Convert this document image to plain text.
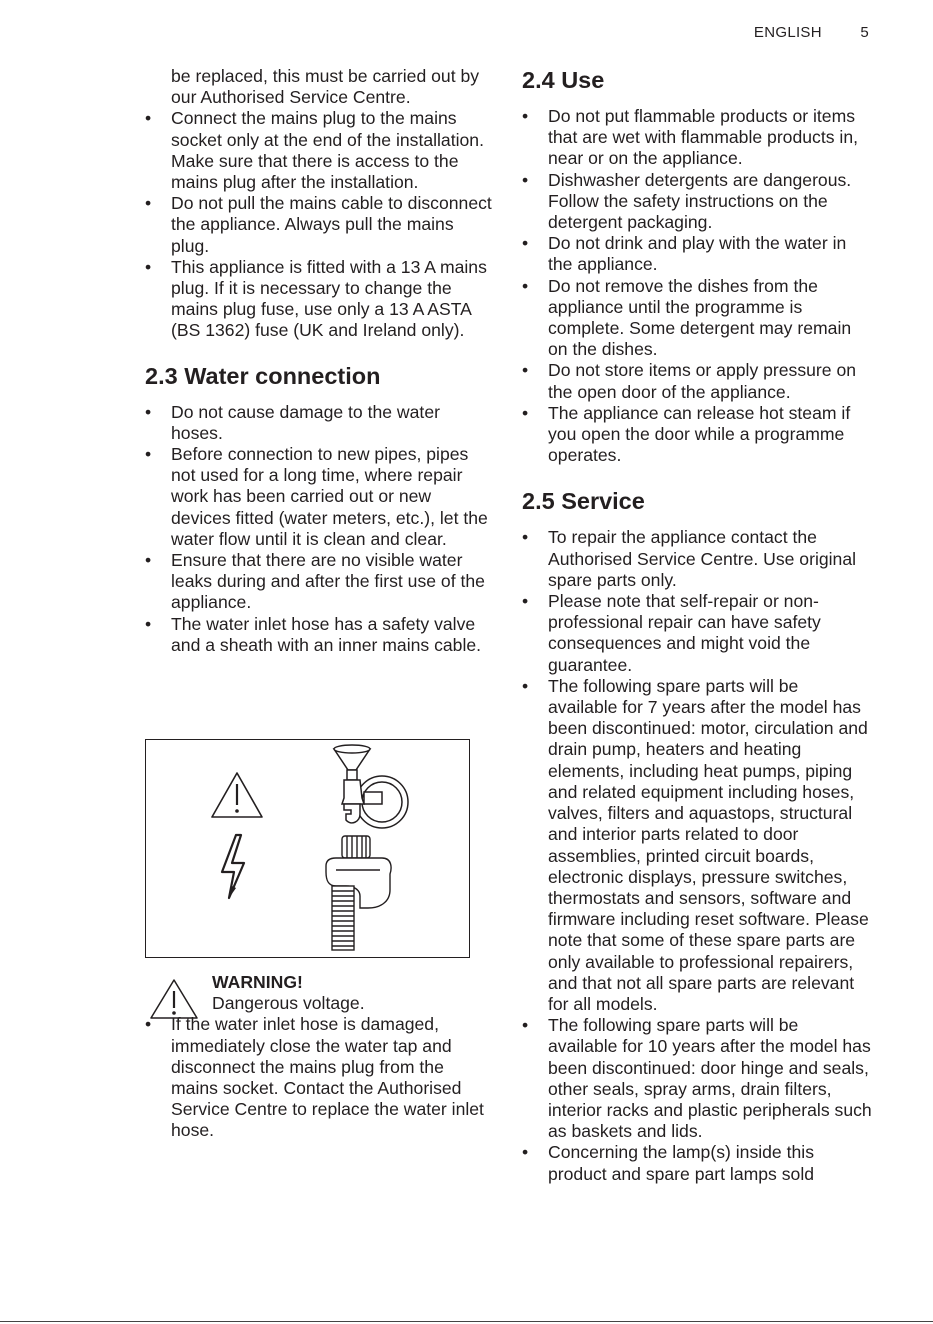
ENGLISH	5
be replaced, this must be carried out by our Authorised Service Centre.
• Connect the mains plug to the mains socket only at the end of the installation. Make sure that there is access to the mains plug after the installation.
• Do not pull the mains cable to disconnect the appliance. Always pull the mains plug.
• This appliance is fitted with a 13 A mains plug. If it is necessary to change the mains plug fuse, use only a 13 A ASTA (BS 1362) fuse (UK and Ireland only).
2.3 Water connection
• Do not cause damage to the water hoses.
• Before connection to new pipes, pipes not used for a long time, where repair work has been carried out or new devices fitted (water meters, etc.), let the water flow until it is clean and clear.
• Ensure that there are no visible water leaks during and after the first use of the appliance.
• The water inlet hose has a safety valve and a sheath with an inner mains cable.
WARNING!
Dangerous voltage.
• If the water inlet hose is damaged, immediately close the water tap and disconnect the mains plug from the mains socket. Contact the Authorised Service Centre to replace the water inlet hose.
2.4 Use
• Do not put flammable products or items that are wet with flammable products in, near or on the appliance.
• Dishwasher detergents are dangerous. Follow the safety instructions on the detergent packaging.
• Do not drink and play with the water in the appliance.
• Do not remove the dishes from the appliance until the programme is complete. Some detergent may remain on the dishes.
• Do not store items or apply pressure on the open door of the appliance.
• The appliance can release hot steam if you open the door while a programme operates.
2.5 Service
• To repair the appliance contact the Authorised Service Centre. Use original spare parts only.
• Please note that self-repair or non-professional repair can have safety consequences and might void the guarantee.
• The following spare parts will be available for 7 years after the model has been discontinued: motor, circulation and drain pump, heaters and heating elements, including heat pumps, piping and related equipment including hoses, valves, filters and aquastops, structural and interior parts related to door assemblies, printed circuit boards, electronic displays, pressure switches, thermostats and sensors, software and firmware including reset software. Please note that some of these spare parts are only available to professional repairers, and that not all spare parts are relevant for all models.
• The following spare parts will be available for 10 years after the model has been discontinued: door hinge and seals, other seals, spray arms, drain filters, interior racks and plastic peripherals such as baskets and lids.
• Concerning the lamp(s) inside this product and spare part lamps sold
